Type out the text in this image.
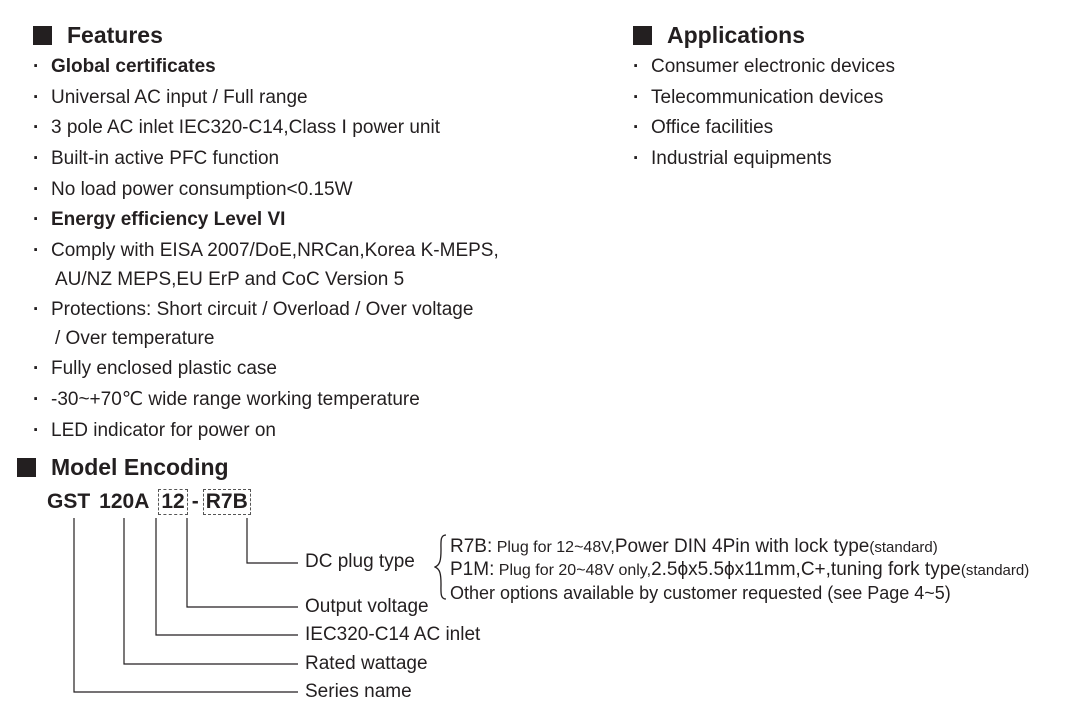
Features
· Global certificates
· Universal AC input / Full range
· 3 pole AC inlet IEC320-C14,Class Ⅰ power unit
· Built-in active PFC function
· No load power consumption<0.15W
· Energy efficiency Level VI
· Comply with EISA 2007/DoE,NRCan,Korea K-MEPS,
AU/NZ MEPS,EU ErP and CoC Version 5
· Protections: Short circuit / Overload / Over voltage
/ Over temperature
· Fully enclosed plastic case
· -30~+70℃ wide range working temperature
· LED indicator for power on
Applications
· Consumer electronic devices
· Telecommunication devices
· Office facilities
· Industrial equipments
Model Encoding
GST 120A 12 - R7B
DC plug type
Output voltage
IEC320-C14 AC inlet
Rated wattage
Series name
R7B: Plug for 12~48V,Power DIN 4Pin with lock type(standard)
P1M: Plug for 20~48V only,2.5ϕx5.5ϕx11mm,C+,tuning fork type(standard)
Other options available by customer requested (see Page 4~5)
